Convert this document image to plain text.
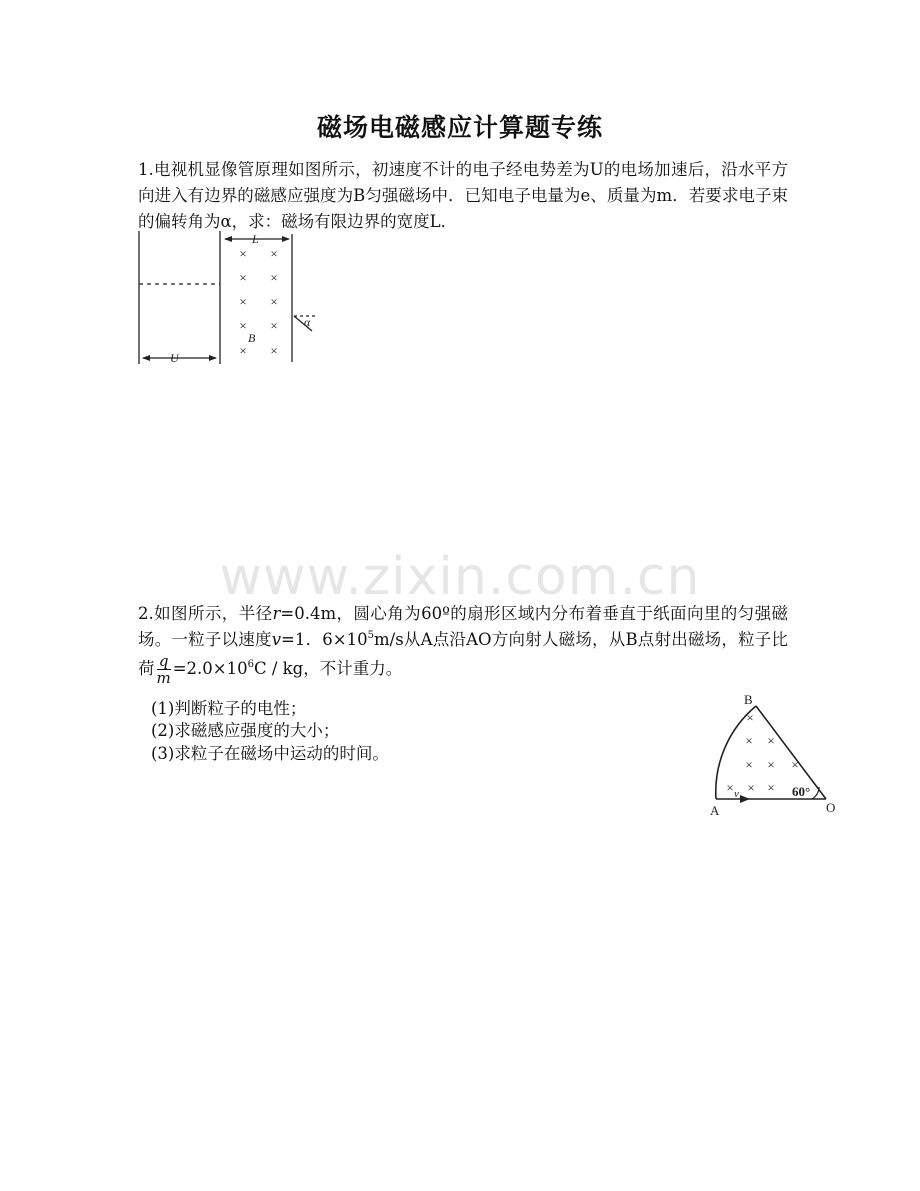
磁场电磁感应计算题专练
1.电视机显像管原理如图所示，初速度不计的电子经电势差为U的电场加速后，沿水平方向进入有边界的磁感应强度为B匀强磁场中．已知电子电量为e、质量为m．若要求电子束的偏转角为α，求：磁场有限边界的宽度L．
× ×
× ×
× ×
× ×
× ×
L
B
U
α
www.zixin.com.cn
2.如图所示，半径r=0.4m，圆心角为60º的扇形区域内分布着垂直于纸面向里的匀强磁场。一粒子以速度v=1．$6\times 10^5m/s$从A点沿AO方向射人磁场，从B点射出磁场，粒子比荷 $\frac{q}{m} =2.0\times 10^6C$ / kg，不计重力。
(1)判断粒子的电性；
(2)求磁感应强度的大小；
(3)求粒子在磁场中运动的时间。
×
× ×
× × ×
× × ×
B
A	O
v	60°
